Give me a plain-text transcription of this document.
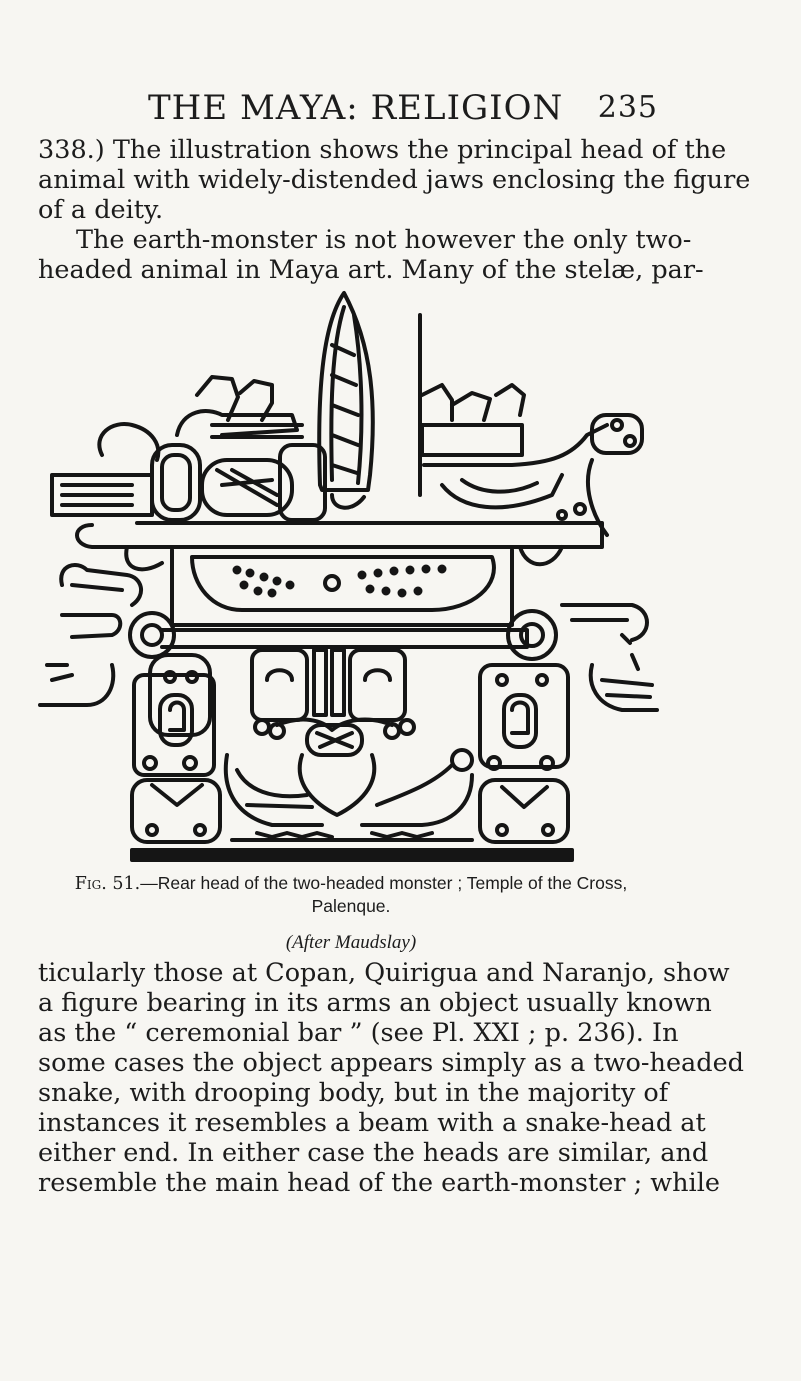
THE MAYA: RELIGION 235
338.) The illustration shows the principal head of the
animal with widely-distended jaws enclosing the figure
of a deity.
The earth-monster is not however the only two-
headed animal in Maya art. Many of the stelæ, par-
Fig. 51.—Rear head of the two-headed monster ; Temple of the Cross,
Palenque.
(After Maudslay)
ticularly those at Copan, Quirigua and Naranjo, show
a figure bearing in its arms an object usually known
as the “ ceremonial bar ” (see Pl. XXI ; p. 236). In
some cases the object appears simply as a two-headed
snake, with drooping body, but in the majority of
instances it resembles a beam with a snake-head at
either end. In either case the heads are similar, and
resemble the main head of the earth-monster ; while
